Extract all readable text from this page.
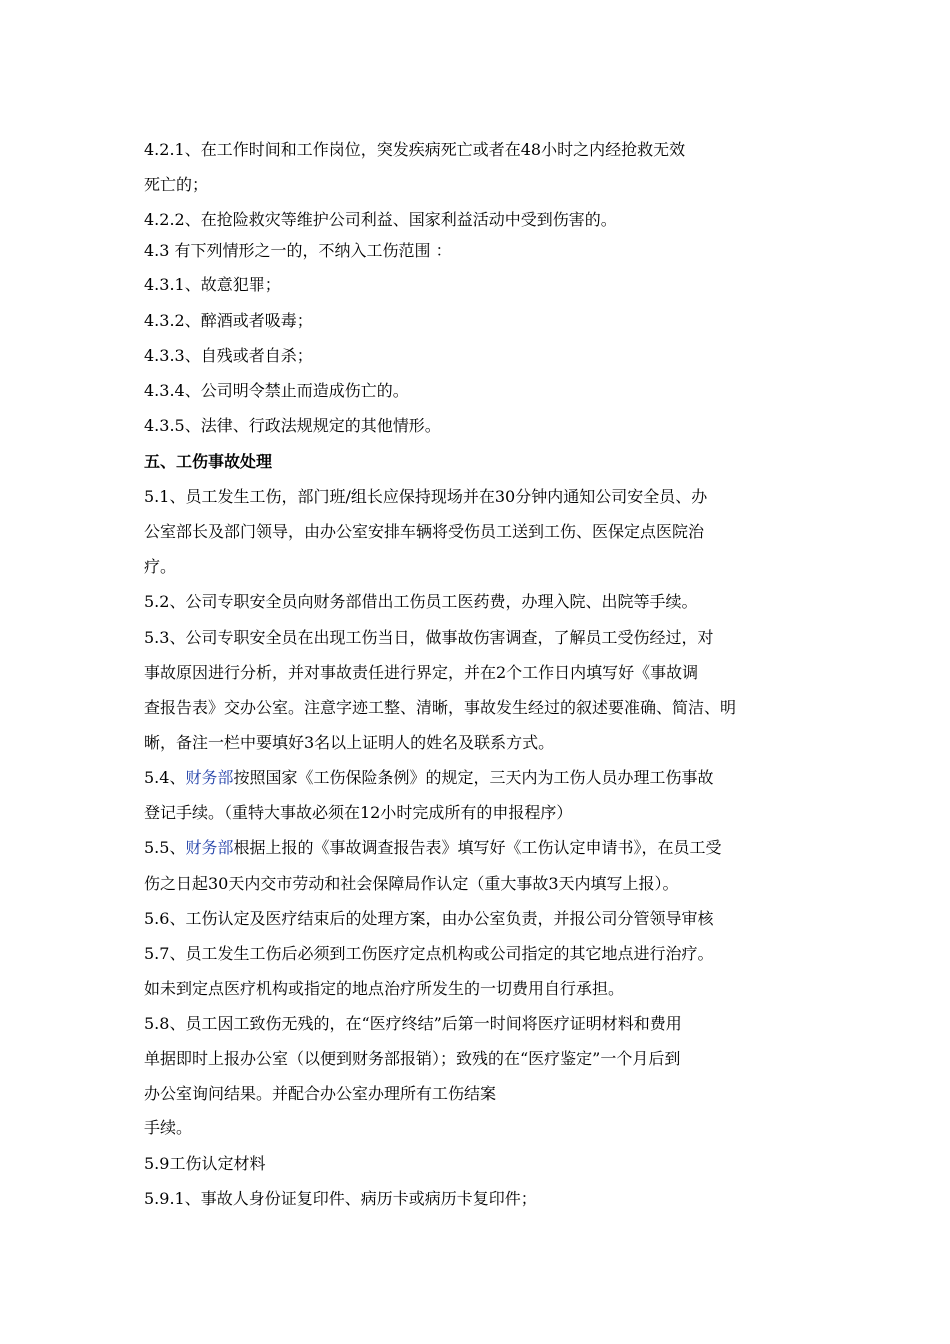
4.2.1、在工作时间和工作岗位，突发疾病死亡或者在48小时之内经抢救无效
死亡的；
4.2.2、在抢险救灾等维护公司利益、国家利益活动中受到伤害的。
4.3 有下列情形之一的，不纳入工伤范围 ：
4.3.1、故意犯罪；
4.3.2、醉酒或者吸毒；
4.3.3、自残或者自杀；
4.3.4、公司明令禁止而造成伤亡的。
4.3.5、法律、行政法规规定的其他情形。
五、工伤事故处理
5.1、员工发生工伤，部门班/组长应保持现场并在30分钟内通知公司安全员、办
公室部长及部门领导，由办公室安排车辆将受伤员工送到工伤、医保定点医院治
疗。
5.2、公司专职安全员向财务部借出工伤员工医药费，办理入院、出院等手续。
5.3、公司专职安全员在出现工伤当日，做事故伤害调查，了解员工受伤经过，对
事故原因进行分析，并对事故责任进行界定，并在2个工作日内填写好《事故调
查报告表》交办公室。注意字迹工整、清晰，事故发生经过的叙述要准确、简洁、明
晰，备注一栏中要填好3名以上证明人的姓名及联系方式。
5.4、财务部按照国家《工伤保险条例》的规定，三天内为工伤人员办理工伤事故
登记手续。（重特大事故必须在12小时完成所有的申报程序）
5.5、财务部根据上报的《事故调查报告表》填写好《工伤认定申请书》，在员工受
伤之日起30天内交市劳动和社会保障局作认定（重大事故3天内填写上报）。
5.6、工伤认定及医疗结束后的处理方案，由办公室负责，并报公司分管领导审核
5.7、员工发生工伤后必须到工伤医疗定点机构或公司指定的其它地点进行治疗。
如未到定点医疗机构或指定的地点治疗所发生的一切费用自行承担。
5.8、员工因工致伤无残的，在“医疗终结”后第一时间将医疗证明材料和费用
单据即时上报办公室（以便到财务部报销）；致残的在“医疗鉴定”一个月后到
办公室询问结果。并配合办公室办理所有工伤结案
手续。
5.9工伤认定材料
5.9.1、事故人身份证复印件、病历卡或病历卡复印件；
